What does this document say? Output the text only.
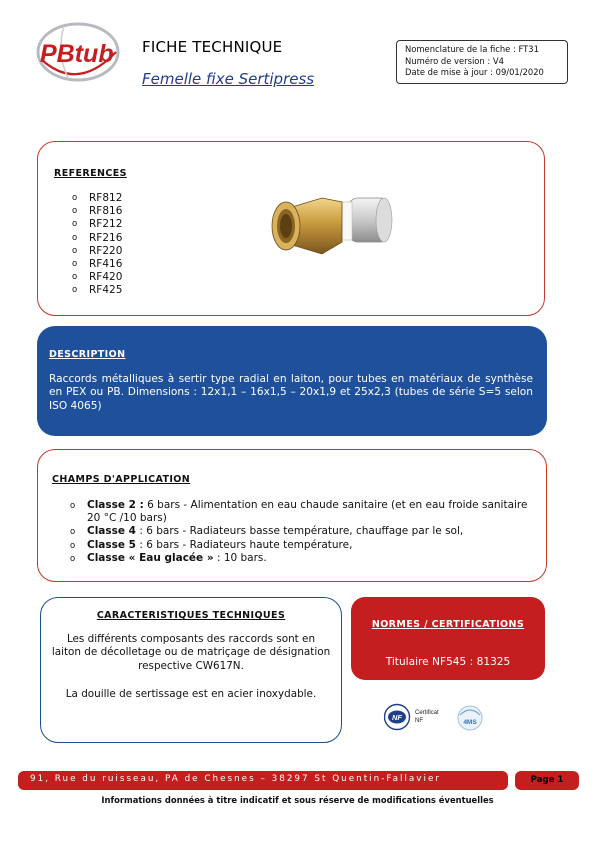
PBtub FICHE TECHNIQUE
Femelle fixe Sertipress
Nomenclature de la fiche : FT31
Numéro de version : V4
Date de mise à jour : 09/01/2020
REFERENCES
o RF812
o RF816
o RF212
o RF216
o RF220
o RF416
o RF420
o RF425
DESCRIPTION
Raccords métalliques à sertir type radial en laiton, pour tubes en matériaux de synthèse en PEX ou PB. Dimensions : 12x1,1 – 16x1,5 – 20x1,9 et 25x2,3 (tubes de série S=5 selon ISO 4065)
CHAMPS D'APPLICATION
o Classe 2 : 6 bars - Alimentation en eau chaude sanitaire (et en eau froide sanitaire 20 °C /10 bars)
o Classe 4 : 6 bars - Radiateurs basse température, chauffage par le sol,
o Classe 5 : 6 bars - Radiateurs haute température,
o Classe « Eau glacée » : 10 bars.
CARACTERISTIQUES TECHNIQUES
Les différents composants des raccords sont en laiton de décolletage ou de matriçage de désignation respective CW617N.
La douille de sertissage est en acier inoxydable.
NORMES / CERTIFICATIONS
Titulaire NF545 : 81325
NF Certificat
NF	4MS
91, Rue du ruisseau, PA de Chesnes – 38297 St Quentin-Fallavier	Page 1
Informations données à titre indicatif et sous réserve de modifications éventuelles
